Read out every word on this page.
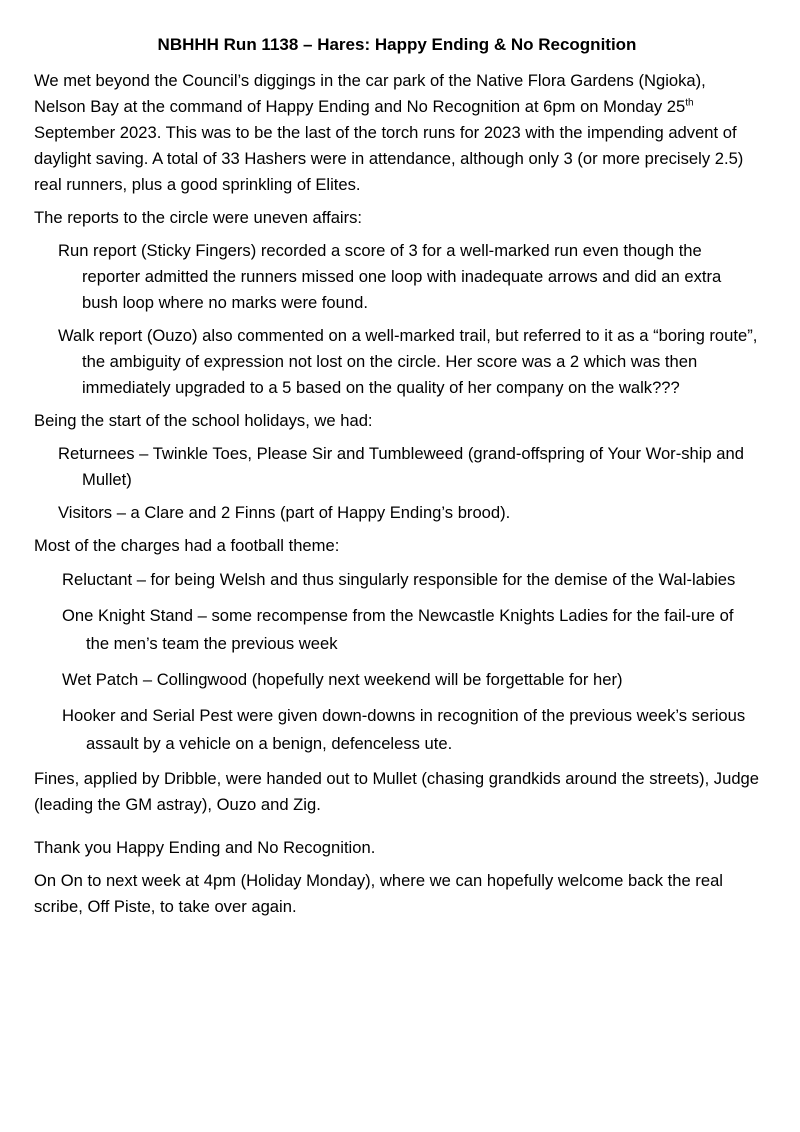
NBHHH Run 1138 – Hares: Happy Ending & No Recognition
We met beyond the Council’s diggings in the car park of the Native Flora Gardens (Ngioka), Nelson Bay at the command of Happy Ending and No Recognition at 6pm on Monday 25th September 2023. This was to be the last of the torch runs for 2023 with the impending advent of daylight saving. A total of 33 Hashers were in attendance, although only 3 (or more precisely 2.5) real runners, plus a good sprinkling of Elites.
The reports to the circle were uneven affairs:
Run report (Sticky Fingers) recorded a score of 3 for a well-marked run even though the reporter admitted the runners missed one loop with inadequate arrows and did an extra bush loop where no marks were found.
Walk report (Ouzo) also commented on a well-marked trail, but referred to it as a “boring route”, the ambiguity of expression not lost on the circle. Her score was a 2 which was then immediately upgraded to a 5 based on the quality of her company on the walk???
Being the start of the school holidays, we had:
Returnees – Twinkle Toes, Please Sir and Tumbleweed (grand-offspring of Your Wor-ship and Mullet)
Visitors – a Clare and 2 Finns (part of Happy Ending’s brood).
Most of the charges had a football theme:
Reluctant – for being Welsh and thus singularly responsible for the demise of the Wal-labies
One Knight Stand – some recompense from the Newcastle Knights Ladies for the fail-ure of the men’s team the previous week
Wet Patch – Collingwood (hopefully next weekend will be forgettable for her)
Hooker and Serial Pest were given down-downs in recognition of the previous week’s serious assault by a vehicle on a benign, defenceless ute.
Fines, applied by Dribble, were handed out to Mullet (chasing grandkids around the streets), Judge (leading the GM astray), Ouzo and Zig.
Thank you Happy Ending and No Recognition.
On On to next week at 4pm (Holiday Monday), where we can hopefully welcome back the real scribe, Off Piste, to take over again.
